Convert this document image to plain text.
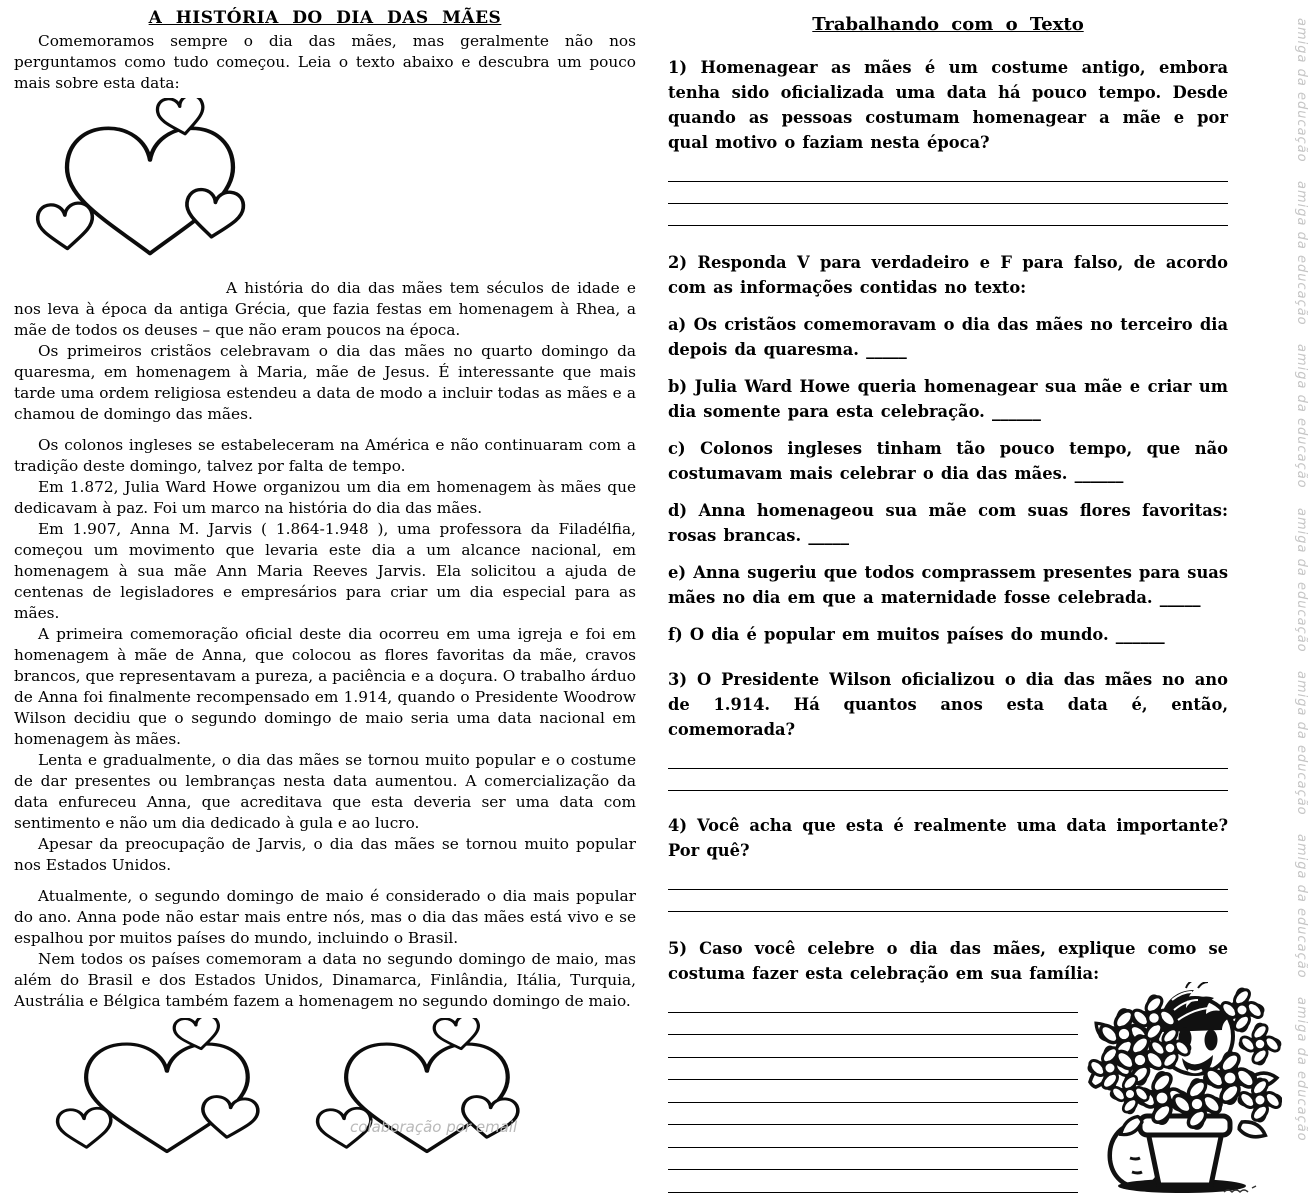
A HISTÓRIA DO DIA DAS MÃES

Comemoramos sempre o dia das mães, mas geralmente não nos perguntamos como tudo começou. Leia o texto abaixo e descubra um pouco mais sobre esta data:

A história do dia das mães tem séculos de idade e nos leva à época da antiga Grécia, que fazia festas em homenagem à Rhea, a mãe de todos os deuses – que não eram poucos na época.

Os primeiros cristãos celebravam o dia das mães no quarto domingo da quaresma, em homenagem à Maria, mãe de Jesus. É interessante que mais tarde uma ordem religiosa estendeu a data de modo a incluir todas as mães e a chamou de domingo das mães.

Os colonos ingleses se estabeleceram na América e não continuaram com a tradição deste domingo, talvez por falta de tempo.

Em 1.872, Julia Ward Howe organizou um dia em homenagem às mães que dedicavam à paz. Foi um marco na história do dia das mães.

Em 1.907, Anna M. Jarvis ( 1.864-1.948 ), uma professora da Filadélfia, começou um movimento que levaria este dia a um alcance nacional, em homenagem à sua mãe Ann Maria Reeves Jarvis. Ela solicitou a ajuda de centenas de legisladores e empresários para criar um dia especial para as mães.

A primeira comemoração oficial deste dia ocorreu em uma igreja e foi em homenagem à mãe de Anna, que colocou as flores favoritas da mãe, cravos brancos, que representavam a pureza, a paciência e a doçura. O trabalho árduo de Anna foi finalmente recompensado em 1.914, quando o Presidente Woodrow Wilson decidiu que o segundo domingo de maio seria uma data nacional em homenagem às mães.

Lenta e gradualmente, o dia das mães se tornou muito popular e o costume de dar presentes ou lembranças nesta data aumentou. A comercialização da data enfureceu Anna, que acreditava que esta deveria ser uma data com sentimento e não um dia dedicado à gula e ao lucro.

Apesar da preocupação de Jarvis, o dia das mães se tornou muito popular nos Estados Unidos.

Atualmente, o segundo domingo de maio é considerado o dia mais popular do ano. Anna pode não estar mais entre nós, mas o dia das mães está vivo e se espalhou por muitos países do mundo, incluindo o Brasil.

Nem todos os países comemoram a data no segundo domingo de maio, mas além do Brasil e dos Estados Unidos, Dinamarca, Finlândia, Itália, Turquia, Austrália e Bélgica também fazem a homenagem no segundo domingo de maio.

colaboração por email
Trabalhando com o Texto

1) Homenagear as mães é um costume antigo, embora tenha sido oficializada uma data há pouco tempo. Desde quando as pessoas costumam homenagear a mãe e por qual motivo o faziam nesta época?

2) Responda V para verdadeiro e F para falso, de acordo com as informações contidas no texto:

a) Os cristãos comemoravam o dia das mães no terceiro dia depois da quaresma. _____

b) Julia Ward Howe queria homenagear sua mãe e criar um dia somente para esta celebração. ______

c) Colonos ingleses tinham tão pouco tempo, que não costumavam mais celebrar o dia das mães. ______

d) Anna homenageou sua mãe com suas flores favoritas: rosas brancas. _____

e) Anna sugeriu que todos comprassem presentes para suas mães no dia em que a maternidade fosse celebrada. _____

f) O dia é popular em muitos países do mundo. ______

3) O Presidente Wilson oficializou o dia das mães no ano de 1.914. Há quantos anos esta data é, então, comemorada?

4) Você acha que esta é realmente uma data importante? Por quê?

5) Caso você celebre o dia das mães, explique como se costuma fazer esta celebração em sua família:

amiga da educação
amiga da educação
amiga da educação
amiga da educação
amiga da educação
amiga da educação
amiga da educação
